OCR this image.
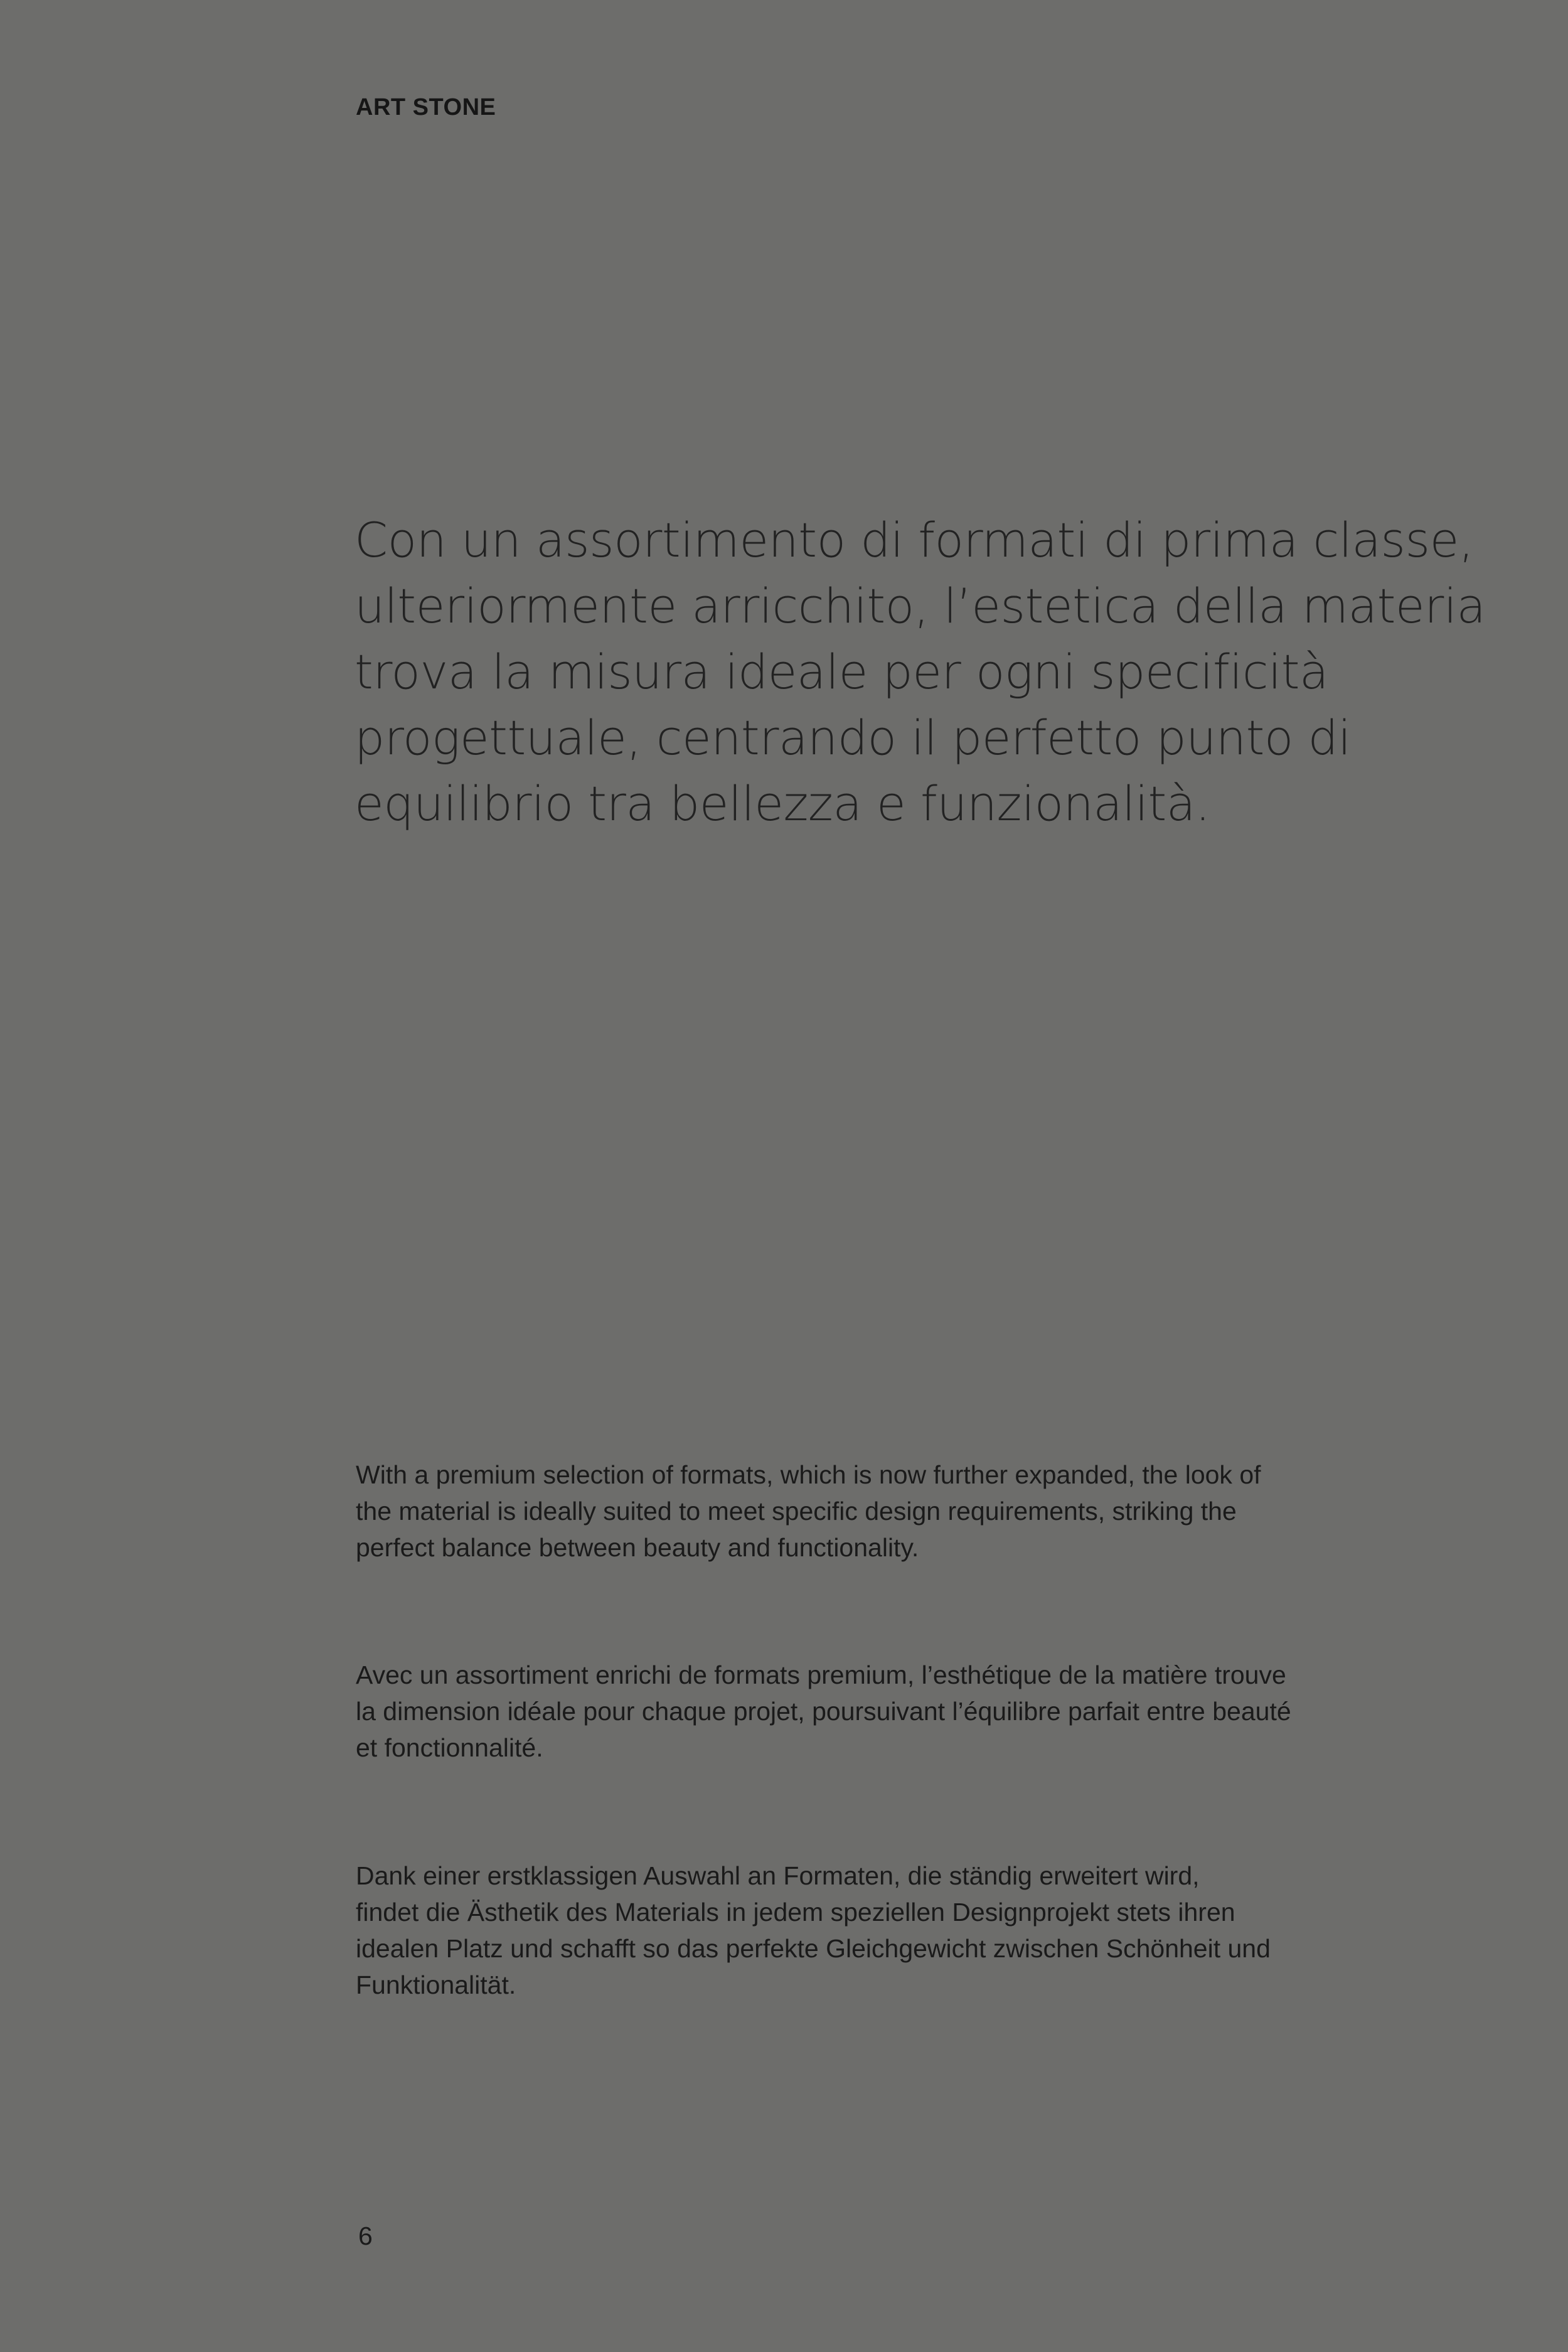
ART STONE
Con un assortimento di formati di prima classe,
ulteriormente arricchito, l’estetica della materia
trova la misura ideale per ogni specificità
progettuale, centrando il perfetto punto di
equilibrio tra bellezza e funzionalità.
With a premium selection of formats, which is now further expanded, the look of
the material is ideally suited to meet specific design requirements, striking the
perfect balance between beauty and functionality.
Avec un assortiment enrichi de formats premium, l’esthétique de la matière trouve
la dimension idéale pour chaque projet, poursuivant l’équilibre parfait entre beauté
et fonctionnalité.
Dank einer erstklassigen Auswahl an Formaten, die ständig erweitert wird,
findet die Ästhetik des Materials in jedem speziellen Designprojekt stets ihren
idealen Platz und schafft so das perfekte Gleichgewicht zwischen Schönheit und
Funktionalität.
6
